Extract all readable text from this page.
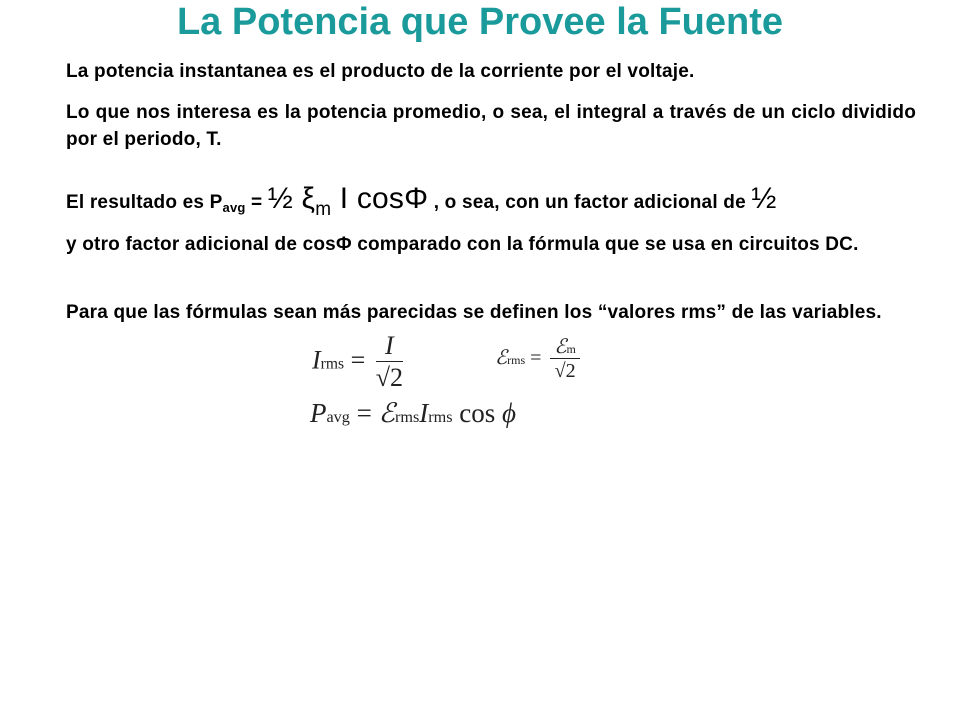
La Potencia que Provee la Fuente
La potencia instantanea es el producto de la corriente por el voltaje.
Lo que nos interesa es la potencia promedio, o sea, el integral a través de un ciclo dividido por el periodo, T.
El resultado es $P_{avg}$ = ½ ξm I cosΦ , o sea, con un factor adicional de ½
y otro factor adicional de cosΦ comparado con la fórmula que se usa en circuitos DC.
Para que las fórmulas sean más parecidas se definen los “valores rms” de las variables.
Irms = $\frac{I}{√2}$	ℰrms = $\frac{\text{ℰm}}{√2}$
Pavg = ℰrmsIrms cos ϕ
